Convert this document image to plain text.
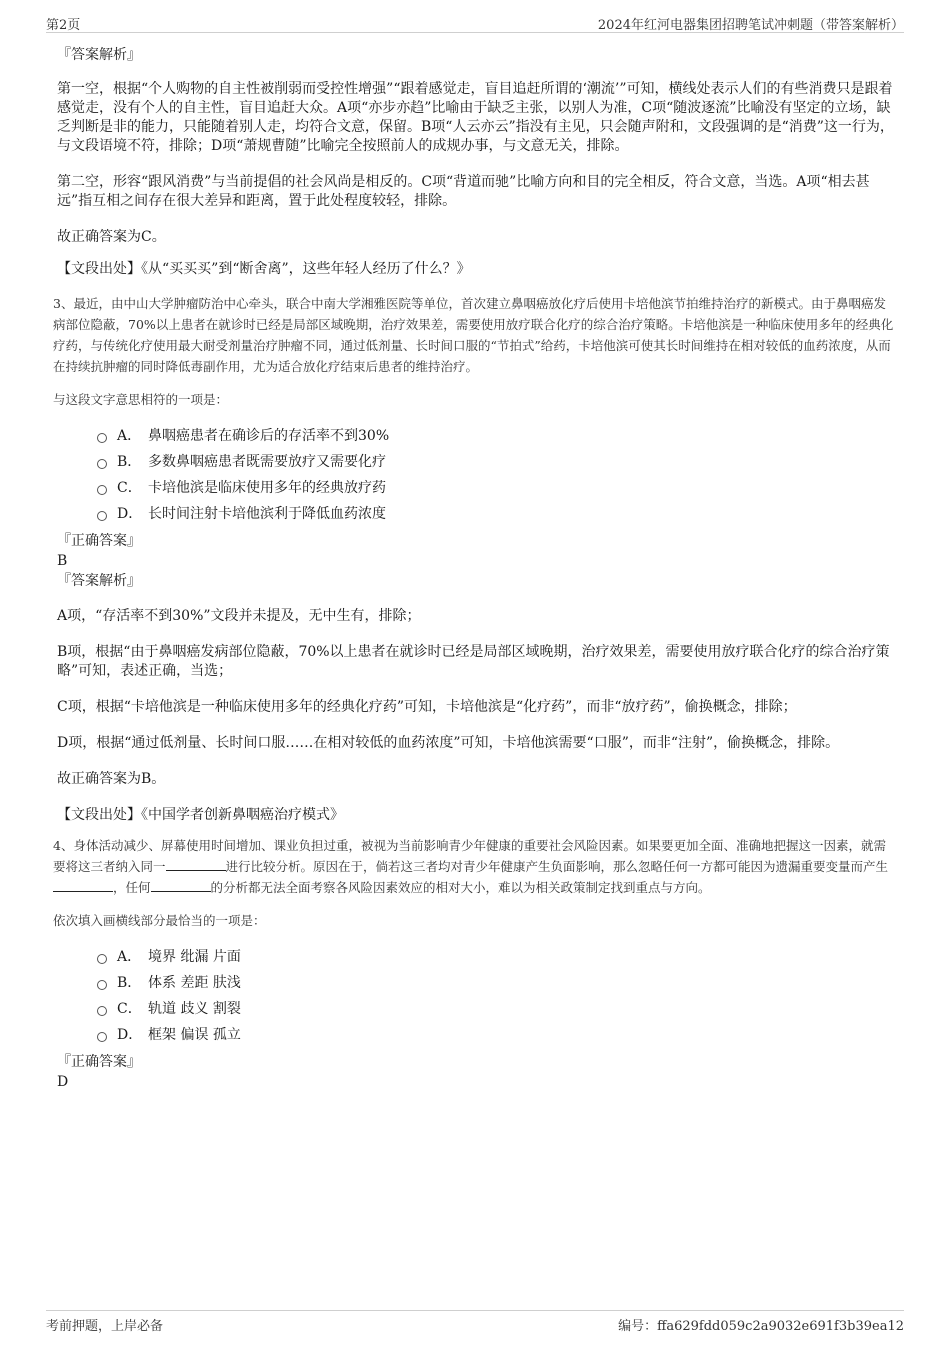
第2页	2024年红河电器集团招聘笔试冲刺题（带答案解析）

『答案解析』

第一空，根据“个人购物的自主性被削弱而受控性增强”“跟着感觉走，盲目追赶所谓的‘潮流’”可知，横线处表示人们的有些消费只是跟着感觉走，没有个人的自主性，盲目追赶大众。A项“亦步亦趋”比喻由于缺乏主张，以别人为准，C项“随波逐流”比喻没有坚定的立场，缺乏判断是非的能力，只能随着别人走，均符合文意，保留。B项“人云亦云”指没有主见，只会随声附和，文段强调的是“消费”这一行为，与文段语境不符，排除；D项“萧规曹随”比喻完全按照前人的成规办事，与文意无关，排除。

第二空，形容“跟风消费”与当前提倡的社会风尚是相反的。C项“背道而驰”比喻方向和目的完全相反，符合文意，当选。A项“相去甚远”指互相之间存在很大差异和距离，置于此处程度较轻，排除。

故正确答案为C。

【文段出处】《从“买买买”到“断舍离”，这些年轻人经历了什么？》

3、最近，由中山大学肿瘤防治中心牵头，联合中南大学湘雅医院等单位，首次建立鼻咽癌放化疗后使用卡培他滨节拍维持治疗的新模式。由于鼻咽癌发病部位隐蔽，70%以上患者在就诊时已经是局部区域晚期，治疗效果差，需要使用放疗联合化疗的综合治疗策略。卡培他滨是一种临床使用多年的经典化疗药，与传统化疗使用最大耐受剂量治疗肿瘤不同，通过低剂量、长时间口服的“节拍式”给药，卡培他滨可使其长时间维持在相对较低的血药浓度，从而在持续抗肿瘤的同时降低毒副作用，尤为适合放化疗结束后患者的维持治疗。

与这段文字意思相符的一项是：

A． 鼻咽癌患者在确诊后的存活率不到30%
B． 多数鼻咽癌患者既需要放疗又需要化疗
C． 卡培他滨是临床使用多年的经典放疗药
D． 长时间注射卡培他滨利于降低血药浓度

『正确答案』

B

『答案解析』

A项，“存活率不到30%”文段并未提及，无中生有，排除；

B项，根据“由于鼻咽癌发病部位隐蔽，70%以上患者在就诊时已经是局部区域晚期，治疗效果差，需要使用放疗联合化疗的综合治疗策略”可知，表述正确，当选；

C项，根据“卡培他滨是一种临床使用多年的经典化疗药”可知，卡培他滨是“化疗药”，而非“放疗药”，偷换概念，排除；

D项，根据“通过低剂量、长时间口服……在相对较低的血药浓度”可知，卡培他滨需要“口服”，而非“注射”，偷换概念，排除。

故正确答案为B。

【文段出处】《中国学者创新鼻咽癌治疗模式》

4、身体活动减少、屏幕使用时间增加、课业负担过重，被视为当前影响青少年健康的重要社会风险因素。如果要更加全面、准确地把握这一因素，就需要将这三者纳入同一	进行比较分析。原因在于，倘若这三者均对青少年健康产生负面影响，那么忽略任何一方都可能因为遗漏重要变量而产生，任何	的分析都无法全面考察各风险因素效应的相对大小，难以为相关政策制定找到重点与方向。

依次填入画横线部分最恰当的一项是：

A． 境界 纰漏 片面
B． 体系 差距 肤浅
C． 轨道 歧义 割裂
D． 框架 偏误 孤立

『正确答案』

D

考前押题，上岸必备	编号：ffa629fdd059c2a9032e691f3b39ea12
